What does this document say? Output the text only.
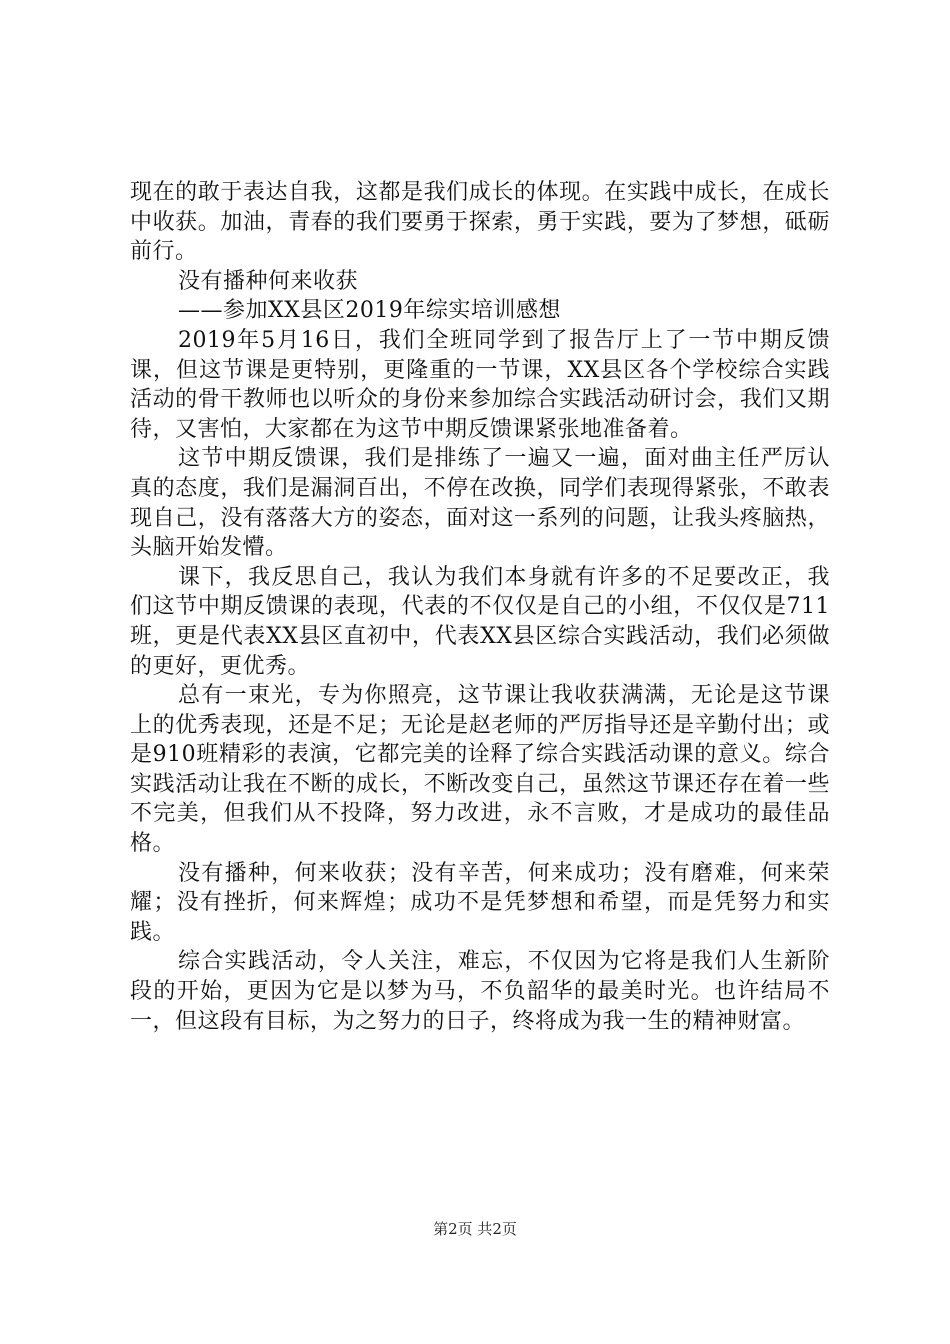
现在的敢于表达自我，这都是我们成长的体现。在实践中成长，在成长中收获。加油，青春的我们要勇于探索，勇于实践，要为了梦想，砥砺前行。

没有播种何来收获

——参加XX县区2019年综实培训感想

2019年5月16日，我们全班同学到了报告厅上了一节中期反馈课，但这节课是更特别，更隆重的一节课，XX县区各个学校综合实践活动的骨干教师也以听众的身份来参加综合实践活动研讨会，我们又期待，又害怕，大家都在为这节中期反馈课紧张地准备着。

这节中期反馈课，我们是排练了一遍又一遍，面对曲主任严厉认真的态度，我们是漏洞百出，不停在改换，同学们表现得紧张，不敢表现自己，没有落落大方的姿态，面对这一系列的问题，让我头疼脑热，头脑开始发懵。

课下，我反思自己，我认为我们本身就有许多的不足要改正，我们这节中期反馈课的表现，代表的不仅仅是自己的小组，不仅仅是711班，更是代表XX县区直初中，代表XX县区综合实践活动，我们必须做的更好，更优秀。

总有一束光，专为你照亮，这节课让我收获满满，无论是这节课上的优秀表现，还是不足；无论是赵老师的严厉指导还是辛勤付出；或是910班精彩的表演，它都完美的诠释了综合实践活动课的意义。综合实践活动让我在不断的成长，不断改变自己，虽然这节课还存在着一些不完美，但我们从不投降，努力改进，永不言败，才是成功的最佳品格。

没有播种，何来收获；没有辛苦，何来成功；没有磨难，何来荣耀；没有挫折，何来辉煌；成功不是凭梦想和希望，而是凭努力和实践。

综合实践活动，令人关注，难忘，不仅因为它将是我们人生新阶段的开始，更因为它是以梦为马，不负韶华的最美时光。也许结局不一，但这段有目标，为之努力的日子，终将成为我一生的精神财富。

第2页 共2页
